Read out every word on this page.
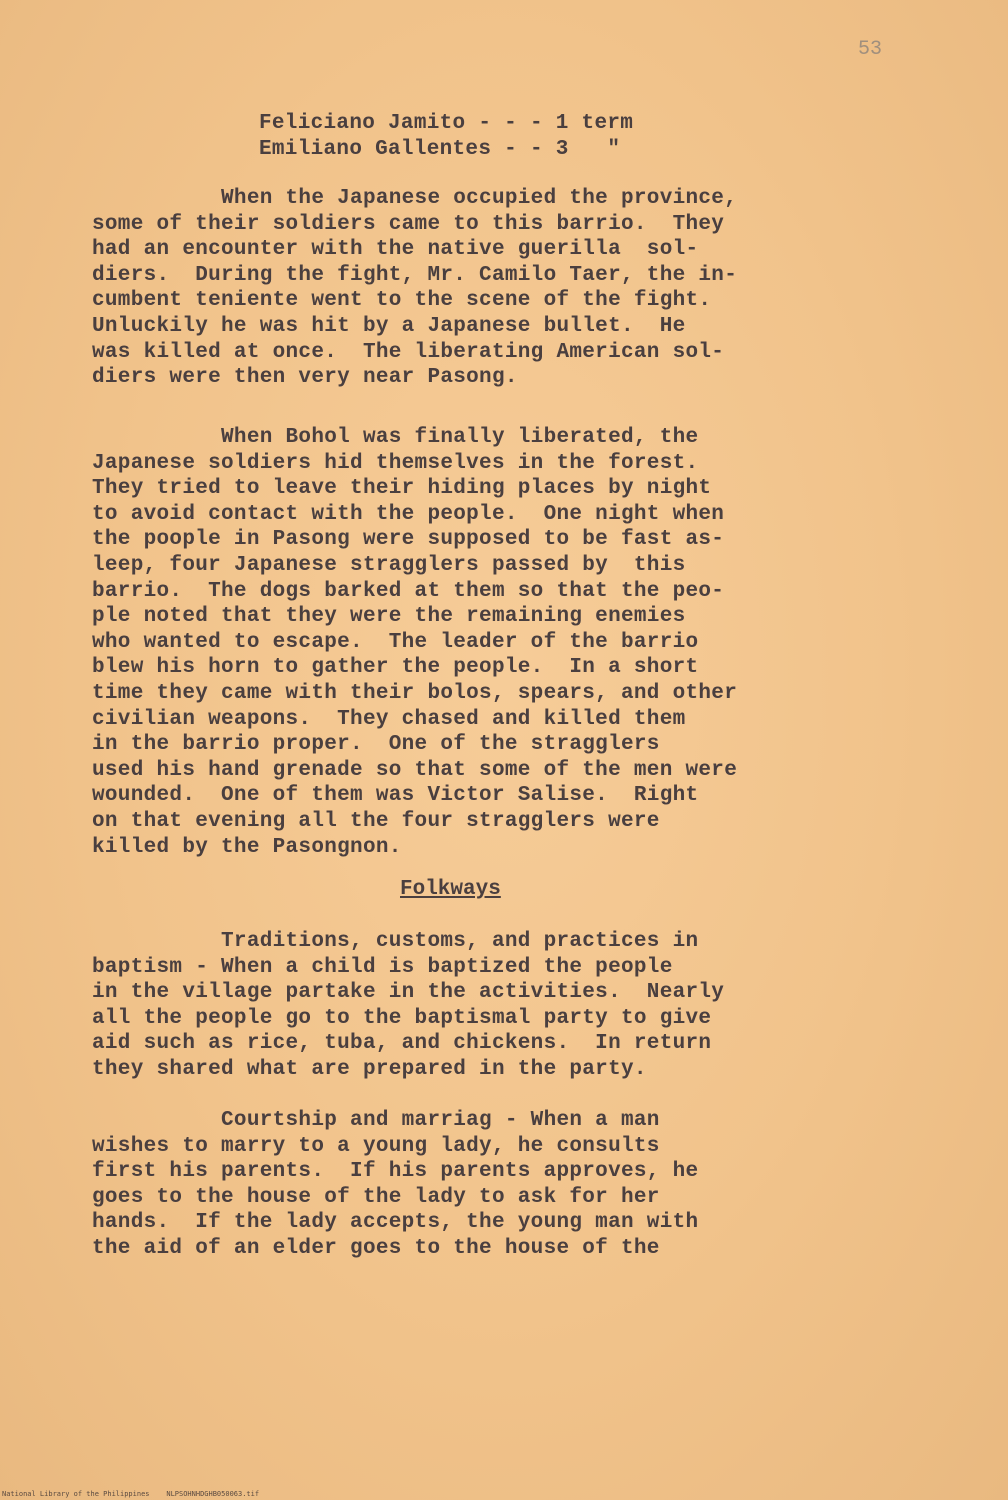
53
Feliciano Jamito - - - 1 term
Emiliano Gallentes - - 3   "
When the Japanese occupied the province,
some of their soldiers came to this barrio.  They
had an encounter with the native guerilla  sol-
diers.  During the fight, Mr. Camilo Taer, the in-
cumbent teniente went to the scene of the fight.
Unluckily he was hit by a Japanese bullet.  He
was killed at once.  The liberating American sol-
diers were then very near Pasong.
When Bohol was finally liberated, the
Japanese soldiers hid themselves in the forest.
They tried to leave their hiding places by night
to avoid contact with the people.  One night when
the poople in Pasong were supposed to be fast as-
leep, four Japanese stragglers passed by  this
barrio.  The dogs barked at them so that the peo-
ple noted that they were the remaining enemies
who wanted to escape.  The leader of the barrio
blew his horn to gather the people.  In a short
time they came with their bolos, spears, and other
civilian weapons.  They chased and killed them
in the barrio proper.  One of the stragglers
used his hand grenade so that some of the men were
wounded.  One of them was Victor Salise.  Right
on that evening all the four stragglers were
killed by the Pasongnon.
Folkways
Traditions, customs, and practices in
baptism - When a child is baptized the people
in the village partake in the activities.  Nearly
all the people go to the baptismal party to give
aid such as rice, tuba, and chickens.  In return
they shared what are prepared in the party.
Courtship and marriag - When a man
wishes to marry to a young lady, he consults
first his parents.  If his parents approves, he
goes to the house of the lady to ask for her
hands.  If the lady accepts, the young man with
the aid of an elder goes to the house of the
National Library of the Philippines    NLPSOHNHDGHB050063.tif
